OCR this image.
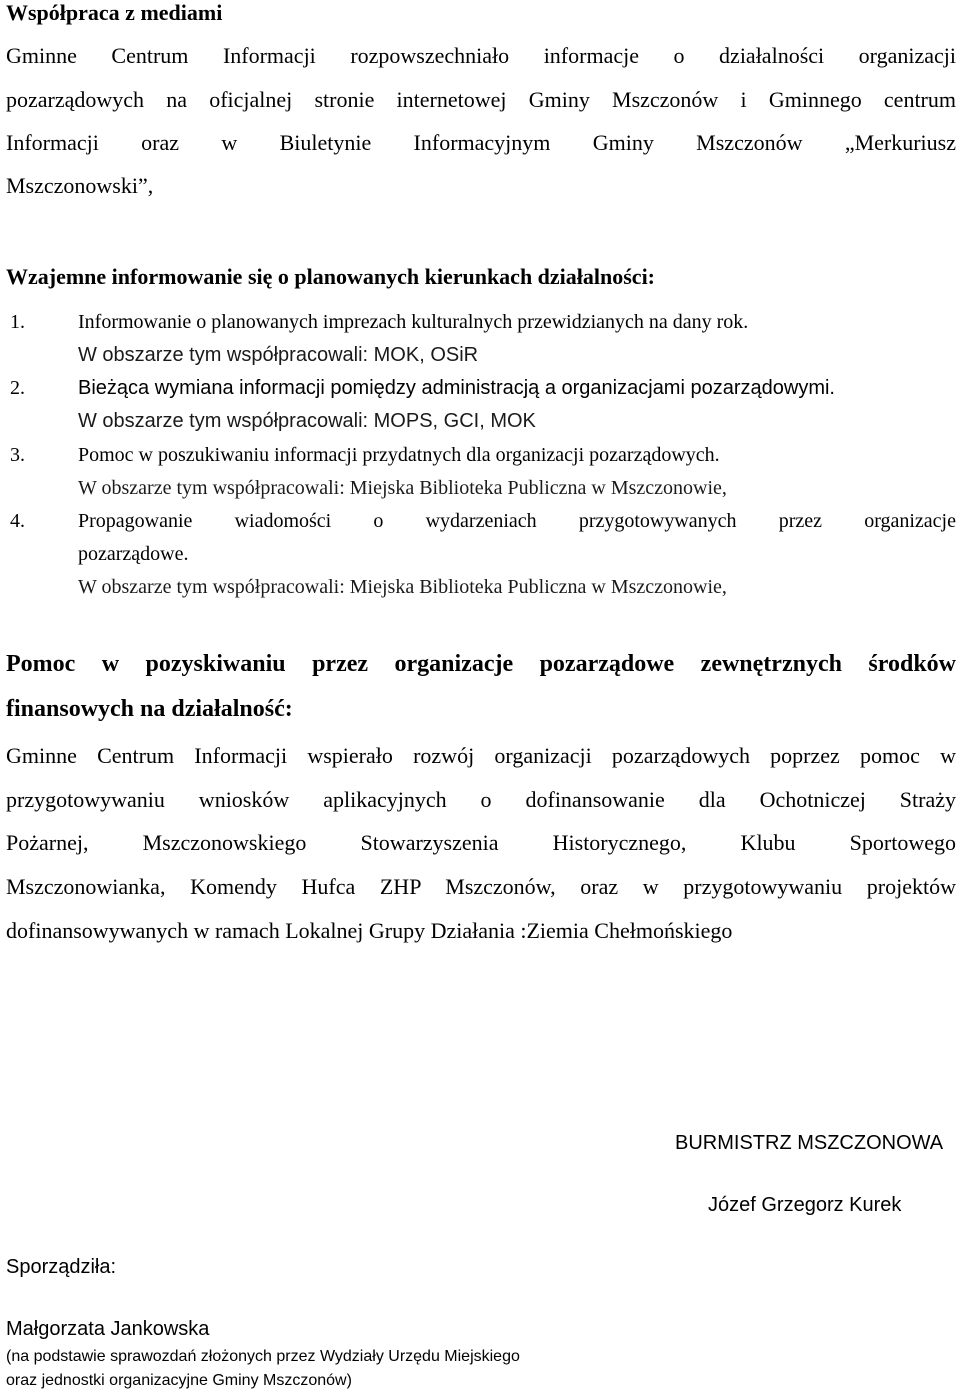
Współpraca z mediami

Gminne Centrum Informacji rozpowszechniało informacje o działalności organizacji

pozarządowych na oficjalnej stronie internetowej Gminy Mszczonów i Gminnego centrum

Informacji oraz w Biuletynie Informacyjnym Gminy Mszczonów „Merkuriusz

Mszczonowski”,

Wzajemne informowanie się o planowanych kierunkach działalności:
1.	Informowanie o planowanych imprezach kulturalnych przewidzianych na dany rok.
W obszarze tym współpracowali: MOK, OSiR
2.	Bieżąca wymiana informacji pomiędzy administracją a organizacjami pozarządowymi.
W obszarze tym współpracowali: MOPS, GCI, MOK
3.	Pomoc w poszukiwaniu informacji przydatnych dla organizacji pozarządowych.
W obszarze tym współpracowali: Miejska Biblioteka Publiczna w Mszczonowie,
4.	Propagowanie wiadomości o wydarzeniach przygotowywanych przez organizacje
pozarządowe.
W obszarze tym współpracowali: Miejska Biblioteka Publiczna w Mszczonowie,
Pomoc w pozyskiwaniu przez organizacje pozarządowe zewnętrznych środków
finansowych na działalność:

Gminne Centrum Informacji wspierało rozwój organizacji pozarządowych poprzez pomoc w

przygotowywaniu wniosków aplikacyjnych o dofinansowanie dla Ochotniczej Straży

Pożarnej, Mszczonowskiego Stowarzyszenia Historycznego, Klubu Sportowego

Mszczonowianka, Komendy Hufca ZHP Mszczonów, oraz w przygotowywaniu projektów

dofinansowywanych w ramach Lokalnej Grupy Działania :Ziemia Chełmońskiego

BURMISTRZ MSZCZONOWA
Józef Grzegorz Kurek
Sporządziła:
Małgorzata Jankowska
(na podstawie sprawozdań złożonych przez Wydziały Urzędu Miejskiego
oraz jednostki organizacyjne Gminy Mszczonów)
